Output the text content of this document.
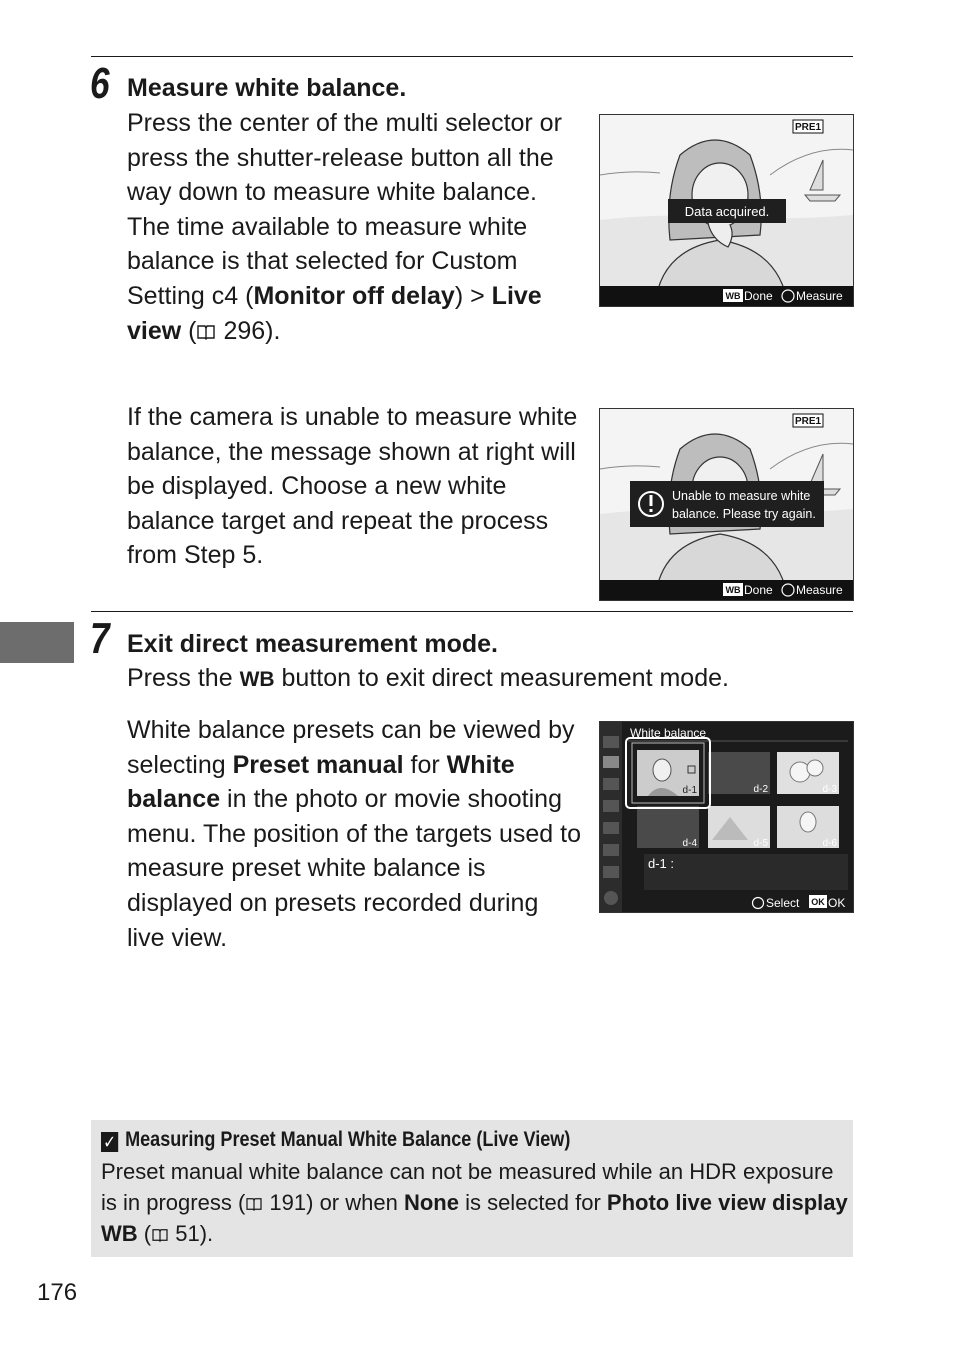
6 Measure white balance.
Press the center of the multi selector or press the shutter-release button all the way down to measure white balance. The time available to measure white balance is that selected for Custom Setting c4 (Monitor off delay) > Live view ( 296).
Data acquired.
PRE1
WB Done Measure
If the camera is unable to measure white balance, the message shown at right will be displayed. Choose a new white balance target and repeat the process from Step 5.
Unable to measure white
balance. Please try again.
PRE1
WB Done Measure
7 Exit direct measurement mode.
Press the WB button to exit direct measurement mode.
White balance presets can be viewed by selecting Preset manual for White balance in the photo or movie shooting menu. The position of the targets used to measure preset white balance is displayed on presets recorded during live view.
White balance
d-1	d-2	d-3
d-4	d-5	d-6
d-1 :
Select OK OK
✓ Measuring Preset Manual White Balance (Live View)
Preset manual white balance can not be measured while an HDR exposure is in progress ( 191) or when None is selected for Photo live view display WB ( 51).
176
